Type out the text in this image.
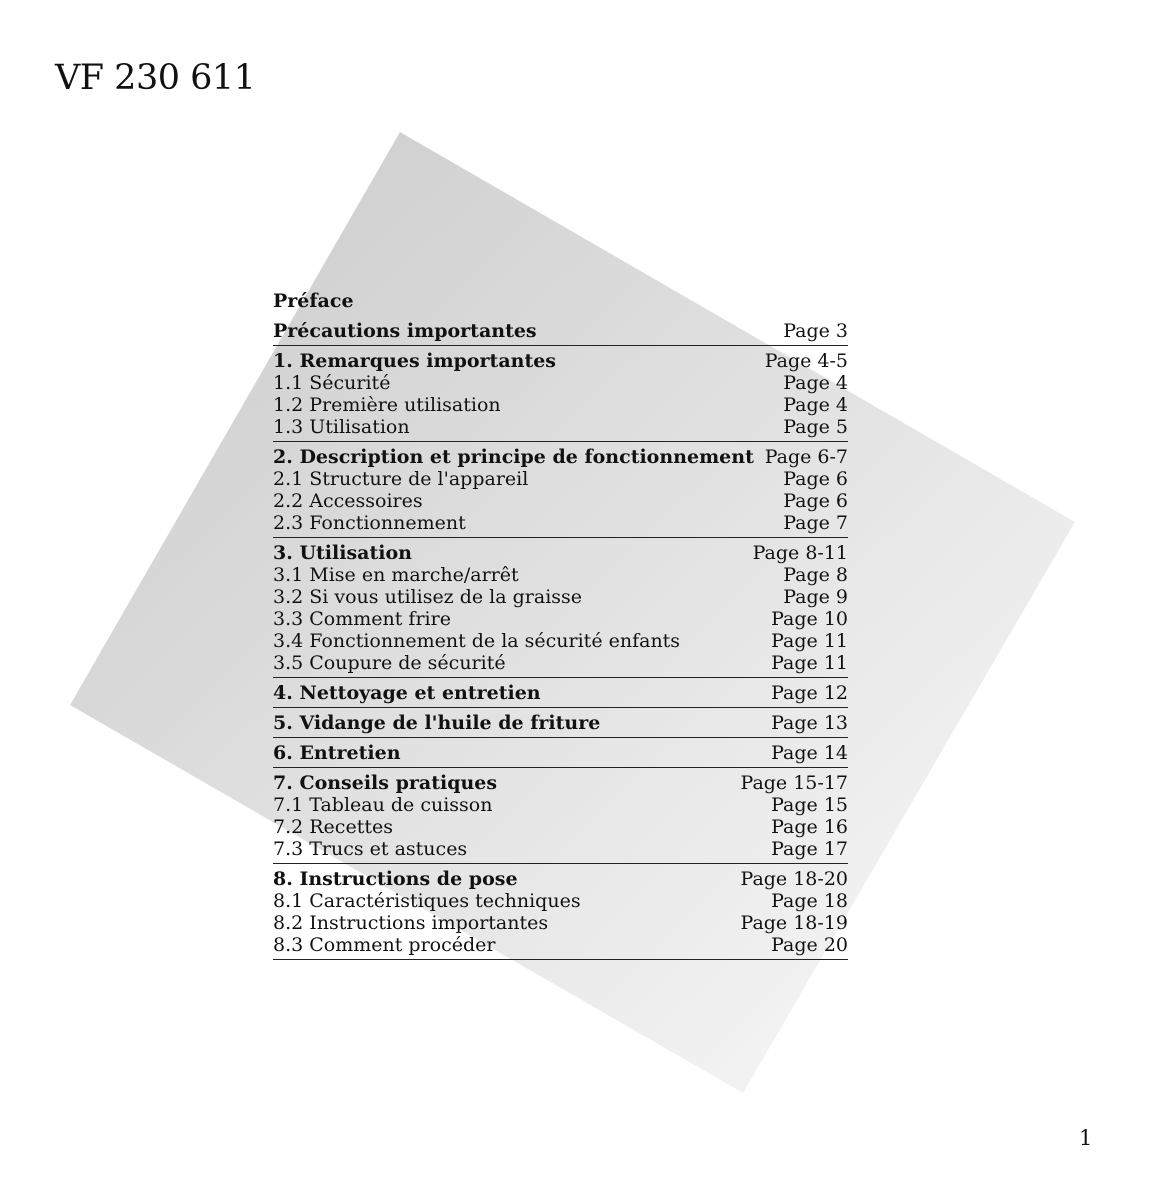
VF 230 611
Préface
Précautions importantes	Page 3
1. Remarques importantes	Page 4-5
1.1 Sécurité	Page 4
1.2 Première utilisation	Page 4
1.3 Utilisation	Page 5
2. Description et principe de fonctionnement Page 6-7
2.1 Structure de l'appareil	Page 6
2.2 Accessoires	Page 6
2.3 Fonctionnement	Page 7
3. Utilisation	Page 8-11
3.1 Mise en marche/arrêt	Page 8
3.2 Si vous utilisez de la graisse	Page 9
3.3 Comment frire	Page 10
3.4 Fonctionnement de la sécurité enfants	Page 11
3.5 Coupure de sécurité	Page 11
4. Nettoyage et entretien	Page 12
5. Vidange de l'huile de friture	Page 13
6. Entretien	Page 14
7. Conseils pratiques	Page 15-17
7.1 Tableau de cuisson	Page 15
7.2 Recettes	Page 16
7.3 Trucs et astuces	Page 17
8. Instructions de pose	Page 18-20
8.1 Caractéristiques techniques	Page 18
8.2 Instructions importantes	Page 18-19
8.3 Comment procéder	Page 20
1
